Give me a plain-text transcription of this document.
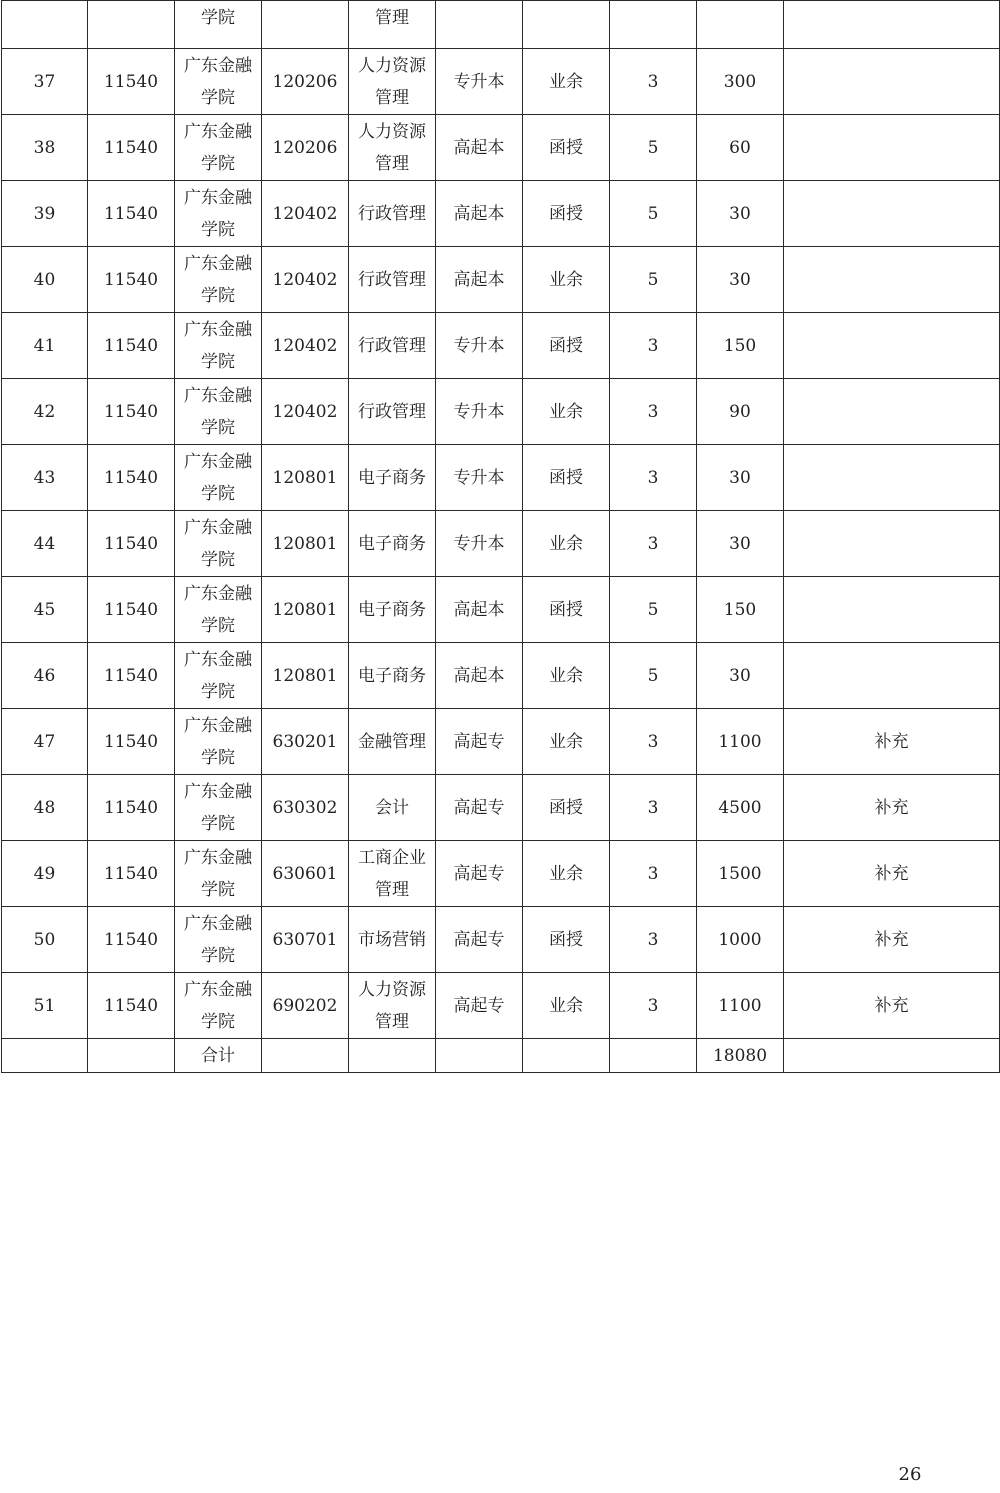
		学院		管理					
37	11540	广东金融学院	120206	人力资源管理	专升本	业余	3	300	
38	11540	广东金融学院	120206	人力资源管理	高起本	函授	5	60	
39	11540	广东金融学院	120402	行政管理	高起本	函授	5	30	
40	11540	广东金融学院	120402	行政管理	高起本	业余	5	30	
41	11540	广东金融学院	120402	行政管理	专升本	函授	3	150	
42	11540	广东金融学院	120402	行政管理	专升本	业余	3	90	
43	11540	广东金融学院	120801	电子商务	专升本	函授	3	30	
44	11540	广东金融学院	120801	电子商务	专升本	业余	3	30	
45	11540	广东金融学院	120801	电子商务	高起本	函授	5	150	
46	11540	广东金融学院	120801	电子商务	高起本	业余	5	30	
47	11540	广东金融学院	630201	金融管理	高起专	业余	3	1100	补充
48	11540	广东金融学院	630302	会计	高起专	函授	3	4500	补充
49	11540	广东金融学院	630601	工商企业管理	高起专	业余	3	1500	补充
50	11540	广东金融学院	630701	市场营销	高起专	函授	3	1000	补充
51	11540	广东金融学院	690202	人力资源管理	高起专	业余	3	1100	补充
		合计						18080	
26
